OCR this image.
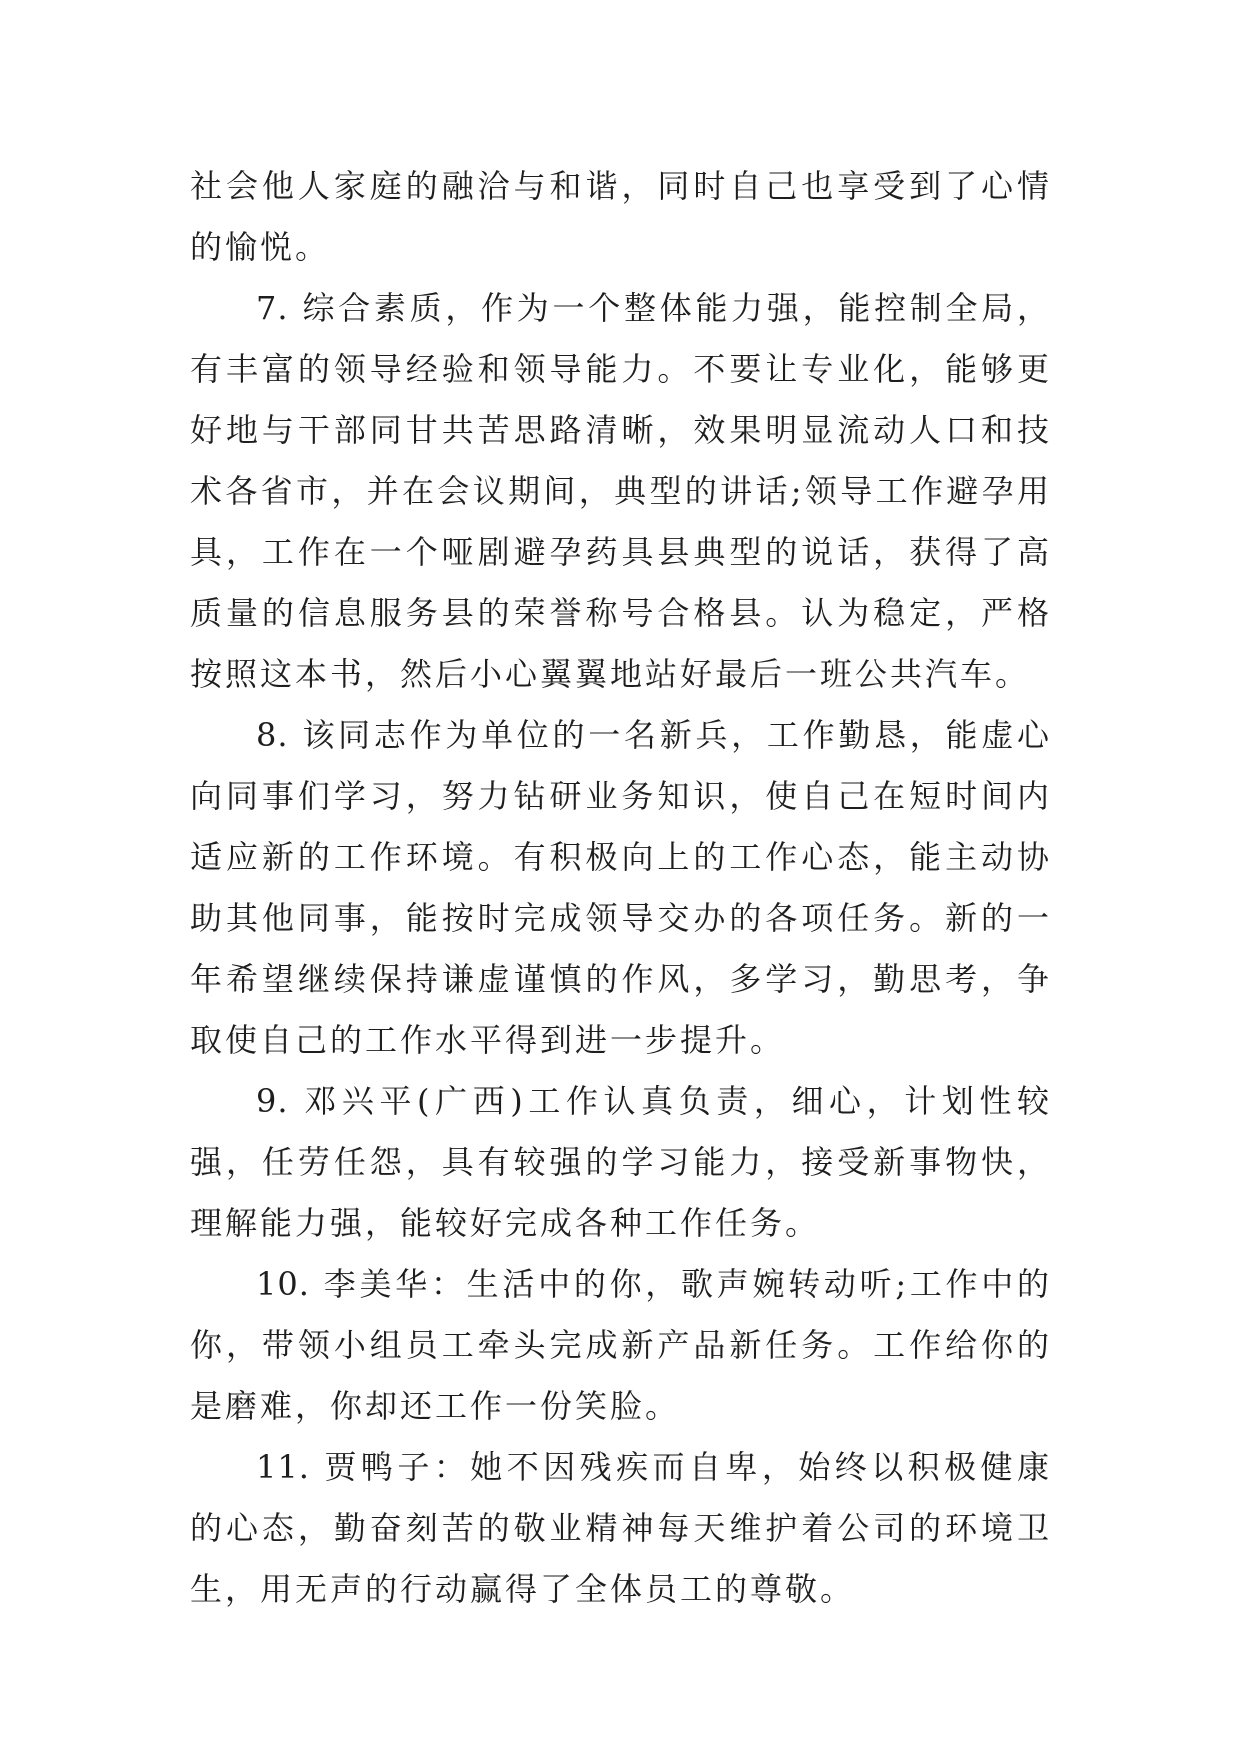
社会他人家庭的融洽与和谐，同时自己也享受到了心情的愉悦。

7. 综合素质，作为一个整体能力强，能控制全局，有丰富的领导经验和领导能力。不要让专业化，能够更好地与干部同甘共苦思路清晰，效果明显流动人口和技术各省市，并在会议期间，典型的讲话;领导工作避孕用具，工作在一个哑剧避孕药具县典型的说话，获得了高质量的信息服务县的荣誉称号合格县。认为稳定，严格按照这本书，然后小心翼翼地站好最后一班公共汽车。

8. 该同志作为单位的一名新兵，工作勤恳，能虚心向同事们学习，努力钻研业务知识，使自己在短时间内适应新的工作环境。有积极向上的工作心态，能主动协助其他同事，能按时完成领导交办的各项任务。新的一年希望继续保持谦虚谨慎的作风，多学习，勤思考，争取使自己的工作水平得到进一步提升。

9. 邓兴平(广西)工作认真负责，细心，计划性较强，任劳任怨，具有较强的学习能力，接受新事物快，理解能力强，能较好完成各种工作任务。

10. 李美华：生活中的你，歌声婉转动听;工作中的你，带领小组员工牵头完成新产品新任务。工作给你的是磨难，你却还工作一份笑脸。

11. 贾鸭子：她不因残疾而自卑，始终以积极健康的心态，勤奋刻苦的敬业精神每天维护着公司的环境卫生，用无声的行动赢得了全体员工的尊敬。
